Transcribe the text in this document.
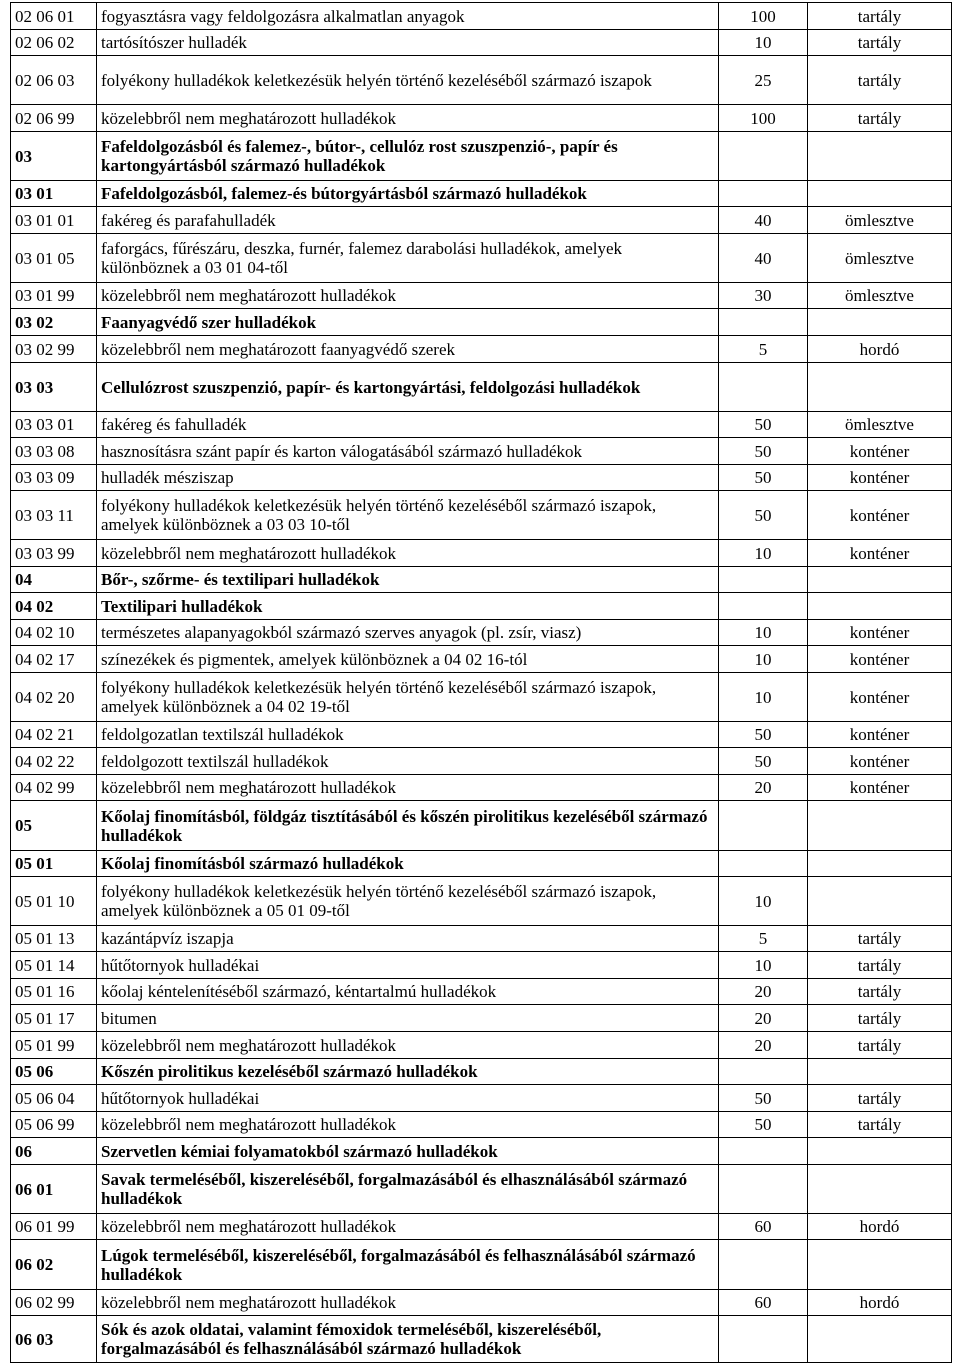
02 06 01	fogyasztásra vagy feldolgozásra alkalmatlan anyagok	100	tartály
02 06 02	tartósítószer hulladék	10	tartály
02 06 03	folyékony hulladékok keletkezésük helyén történő kezeléséből származó iszapok	25	tartály
02 06 99	közelebbről nem meghatározott hulladékok	100	tartály
03	Fafeldolgozásból és falemez-, bútor-, cellulóz rost szuszpenzió-, papír és kartongyártásból származó hulladékok		
03 01	Fafeldolgozásból, falemez-és bútorgyártásból származó hulladékok		
03 01 01	fakéreg és parafahulladék	40	ömlesztve
03 01 05	faforgács, fűrészáru, deszka, furnér, falemez darabolási hulladékok, amelyek különböznek a 03 01 04-től	40	ömlesztve
03 01 99	közelebbről nem meghatározott hulladékok	30	ömlesztve
03 02	Faanyagvédő szer hulladékok		
03 02 99	közelebbről nem meghatározott faanyagvédő szerek	5	hordó
03 03	Cellulózrost szuszpenzió, papír- és kartongyártási, feldolgozási hulladékok		
03 03 01	fakéreg és fahulladék	50	ömlesztve
03 03 08	hasznosításra szánt papír és karton válogatásából származó hulladékok	50	konténer
03 03 09	hulladék mésziszap	50	konténer
03 03 11	folyékony hulladékok keletkezésük helyén történő kezeléséből származó iszapok, amelyek különböznek a 03 03 10-től	50	konténer
03 03 99	közelebbről nem meghatározott hulladékok	10	konténer
04	Bőr-, szőrme- és textilipari hulladékok		
04 02	Textilipari hulladékok		
04 02 10	természetes alapanyagokból származó szerves anyagok (pl. zsír, viasz)	10	konténer
04 02 17	színezékek és pigmentek, amelyek különböznek a 04 02 16-tól	10	konténer
04 02 20	folyékony hulladékok keletkezésük helyén történő kezeléséből származó iszapok, amelyek különböznek a 04 02 19-től	10	konténer
04 02 21	feldolgozatlan textilszál hulladékok	50	konténer
04 02 22	feldolgozott textilszál hulladékok	50	konténer
04 02 99	közelebbről nem meghatározott hulladékok	20	konténer
05	Kőolaj finomításból, földgáz tisztításából és kőszén pirolitikus kezeléséből származó hulladékok		
05 01	Kőolaj finomításból származó hulladékok		
05 01 10	folyékony hulladékok keletkezésük helyén történő kezeléséből származó iszapok, amelyek különböznek a 05 01 09-től	10	
05 01 13	kazántápvíz iszapja	5	tartály
05 01 14	hűtőtornyok hulladékai	10	tartály
05 01 16	kőolaj kéntelenítéséből származó, kéntartalmú hulladékok	20	tartály
05 01 17	bitumen	20	tartály
05 01 99	közelebbről nem meghatározott hulladékok	20	tartály
05 06	Kőszén pirolitikus kezeléséből származó hulladékok		
05 06 04	hűtőtornyok hulladékai	50	tartály
05 06 99	közelebbről nem meghatározott hulladékok	50	tartály
06	Szervetlen kémiai folyamatokból származó hulladékok		
06 01	Savak termeléséből, kiszereléséből, forgalmazásából és elhasználásából származó hulladékok		
06 01 99	közelebbről nem meghatározott hulladékok	60	hordó
06 02	Lúgok termeléséből, kiszereléséből, forgalmazásából és felhasználásából származó hulladékok		
06 02 99	közelebbről nem meghatározott hulladékok	60	hordó
06 03	Sók és azok oldatai, valamint fémoxidok termeléséből, kiszereléséből, forgalmazásából és felhasználásából származó hulladékok		
